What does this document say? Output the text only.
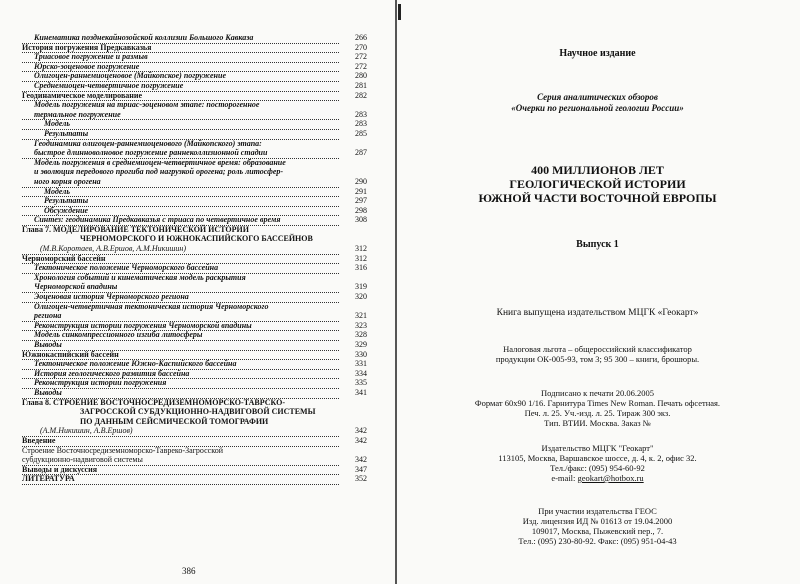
Кинематика позднекайнозойской коллизии Большого Кавказа	266
История погружения Предкавказья	270
Триасовое погружение и размыв	272
Юрско-эоценовое погружение	272
Олигоцен-раннемиоценовое (Майкопское) погружение	280
Среднемиоцен-четвертичное погружение	281
Геодинамическое моделирование	282
Модель погружения на триас-эоценовом этапе: посторогенное
термальное погружение	283
Модель	283
Результаты	285
Геодинамика олигоцен-раннемиоценового (Майкопского) этапа:
быстрое длинноволновое погружение раннеколлизионной стадии	287
Модель погружения в среднемиоцен-четвертичное время: образование
и эволюция передового прогиба под нагрузкой орогена; роль литосфер-
ного корня орогена	290
Модель	291
Результаты	297
Обсуждение	298
Синтез: геодинамика Предкавказья с триаса по четвертичное время	308
Глава 7. МОДЕЛИРОВАНИЕ ТЕКТОНИЧЕСКОЙ ИСТОРИИ
ЧЕРНОМОРСКОГО И ЮЖНОКАСПИЙСКОГО БАССЕЙНОВ
(М.В.Коротаев, А.В.Ершов, А.М.Никишин)	312
Черноморский бассейн	312
Тектоническое положение Черноморского бассейна	316
Хронология событий и кинематическая модель раскрытия
Черноморской впадины	319
Эоценовая история Черноморского региона	320
Олигоцен-четвертичная тектоническая история Черноморского
региона	321
Реконструкция истории погружения Черноморской впадины	323
Модель синкомпрессионного изгиба литосферы	328
Выводы	329
Южнокаспийский бассейн	330
Тектоническое положение Южно-Каспийского бассейна	331
История геологического развития бассейна	334
Реконструкция истории погружения	335
Выводы	341
Глава 8. СТРОЕНИЕ ВОСТОЧНОСРЕДИЗЕМНОМОРСКО-ТАВРСКО-
ЗАГРОССКОЙ СУБДУКЦИОННО-НАДВИГОВОЙ СИСТЕМЫ
ПО ДАННЫМ СЕЙСМИЧЕСКОЙ ТОМОГРАФИИ
(А.М.Никишин, А.В.Ершов)	342
Введение	342
Строение Восточносредиземноморско-Тавреко-Загросской
субдукционно-надвиговой системы	342
Выводы и дискуссия	347
ЛИТЕРАТУРА	352
386
Научное издание
Серия аналитических обзоров
«Очерки по региональной геологии России»
400 МИЛЛИОНОВ ЛЕТ
ГЕОЛОГИЧЕСКОЙ ИСТОРИИ
ЮЖНОЙ ЧАСТИ ВОСТОЧНОЙ ЕВРОПЫ
Выпуск 1
Книга выпущена издательством МЦГК «Геокарт»
Налоговая льгота – общероссийский классификатор
продукции ОК-005-93, том 3; 95 300 – книги, брошюры.
Подписано к печати 20.06.2005
Формат 60x90 1/16. Гарнитура Times New Roman. Печать офсетная.
Печ. л. 25. Уч.-изд. л. 25. Тираж 300 экз.
Тип. ВТИИ. Москва. Заказ №
Издательство МЦГК "Геокарт"
113105, Москва, Варшавское шоссе, д. 4, к. 2, офис 32.
Тел./факс: (095) 954-60-92
e-mail: geokart@hotbox.ru
При участии издательства ГЕОС
Изд. лицензия ИД № 01613 от 19.04.2000
109017, Москва, Пыжевский пер., 7.
Тел.: (095) 230-80-92. Факс: (095) 951-04-43
